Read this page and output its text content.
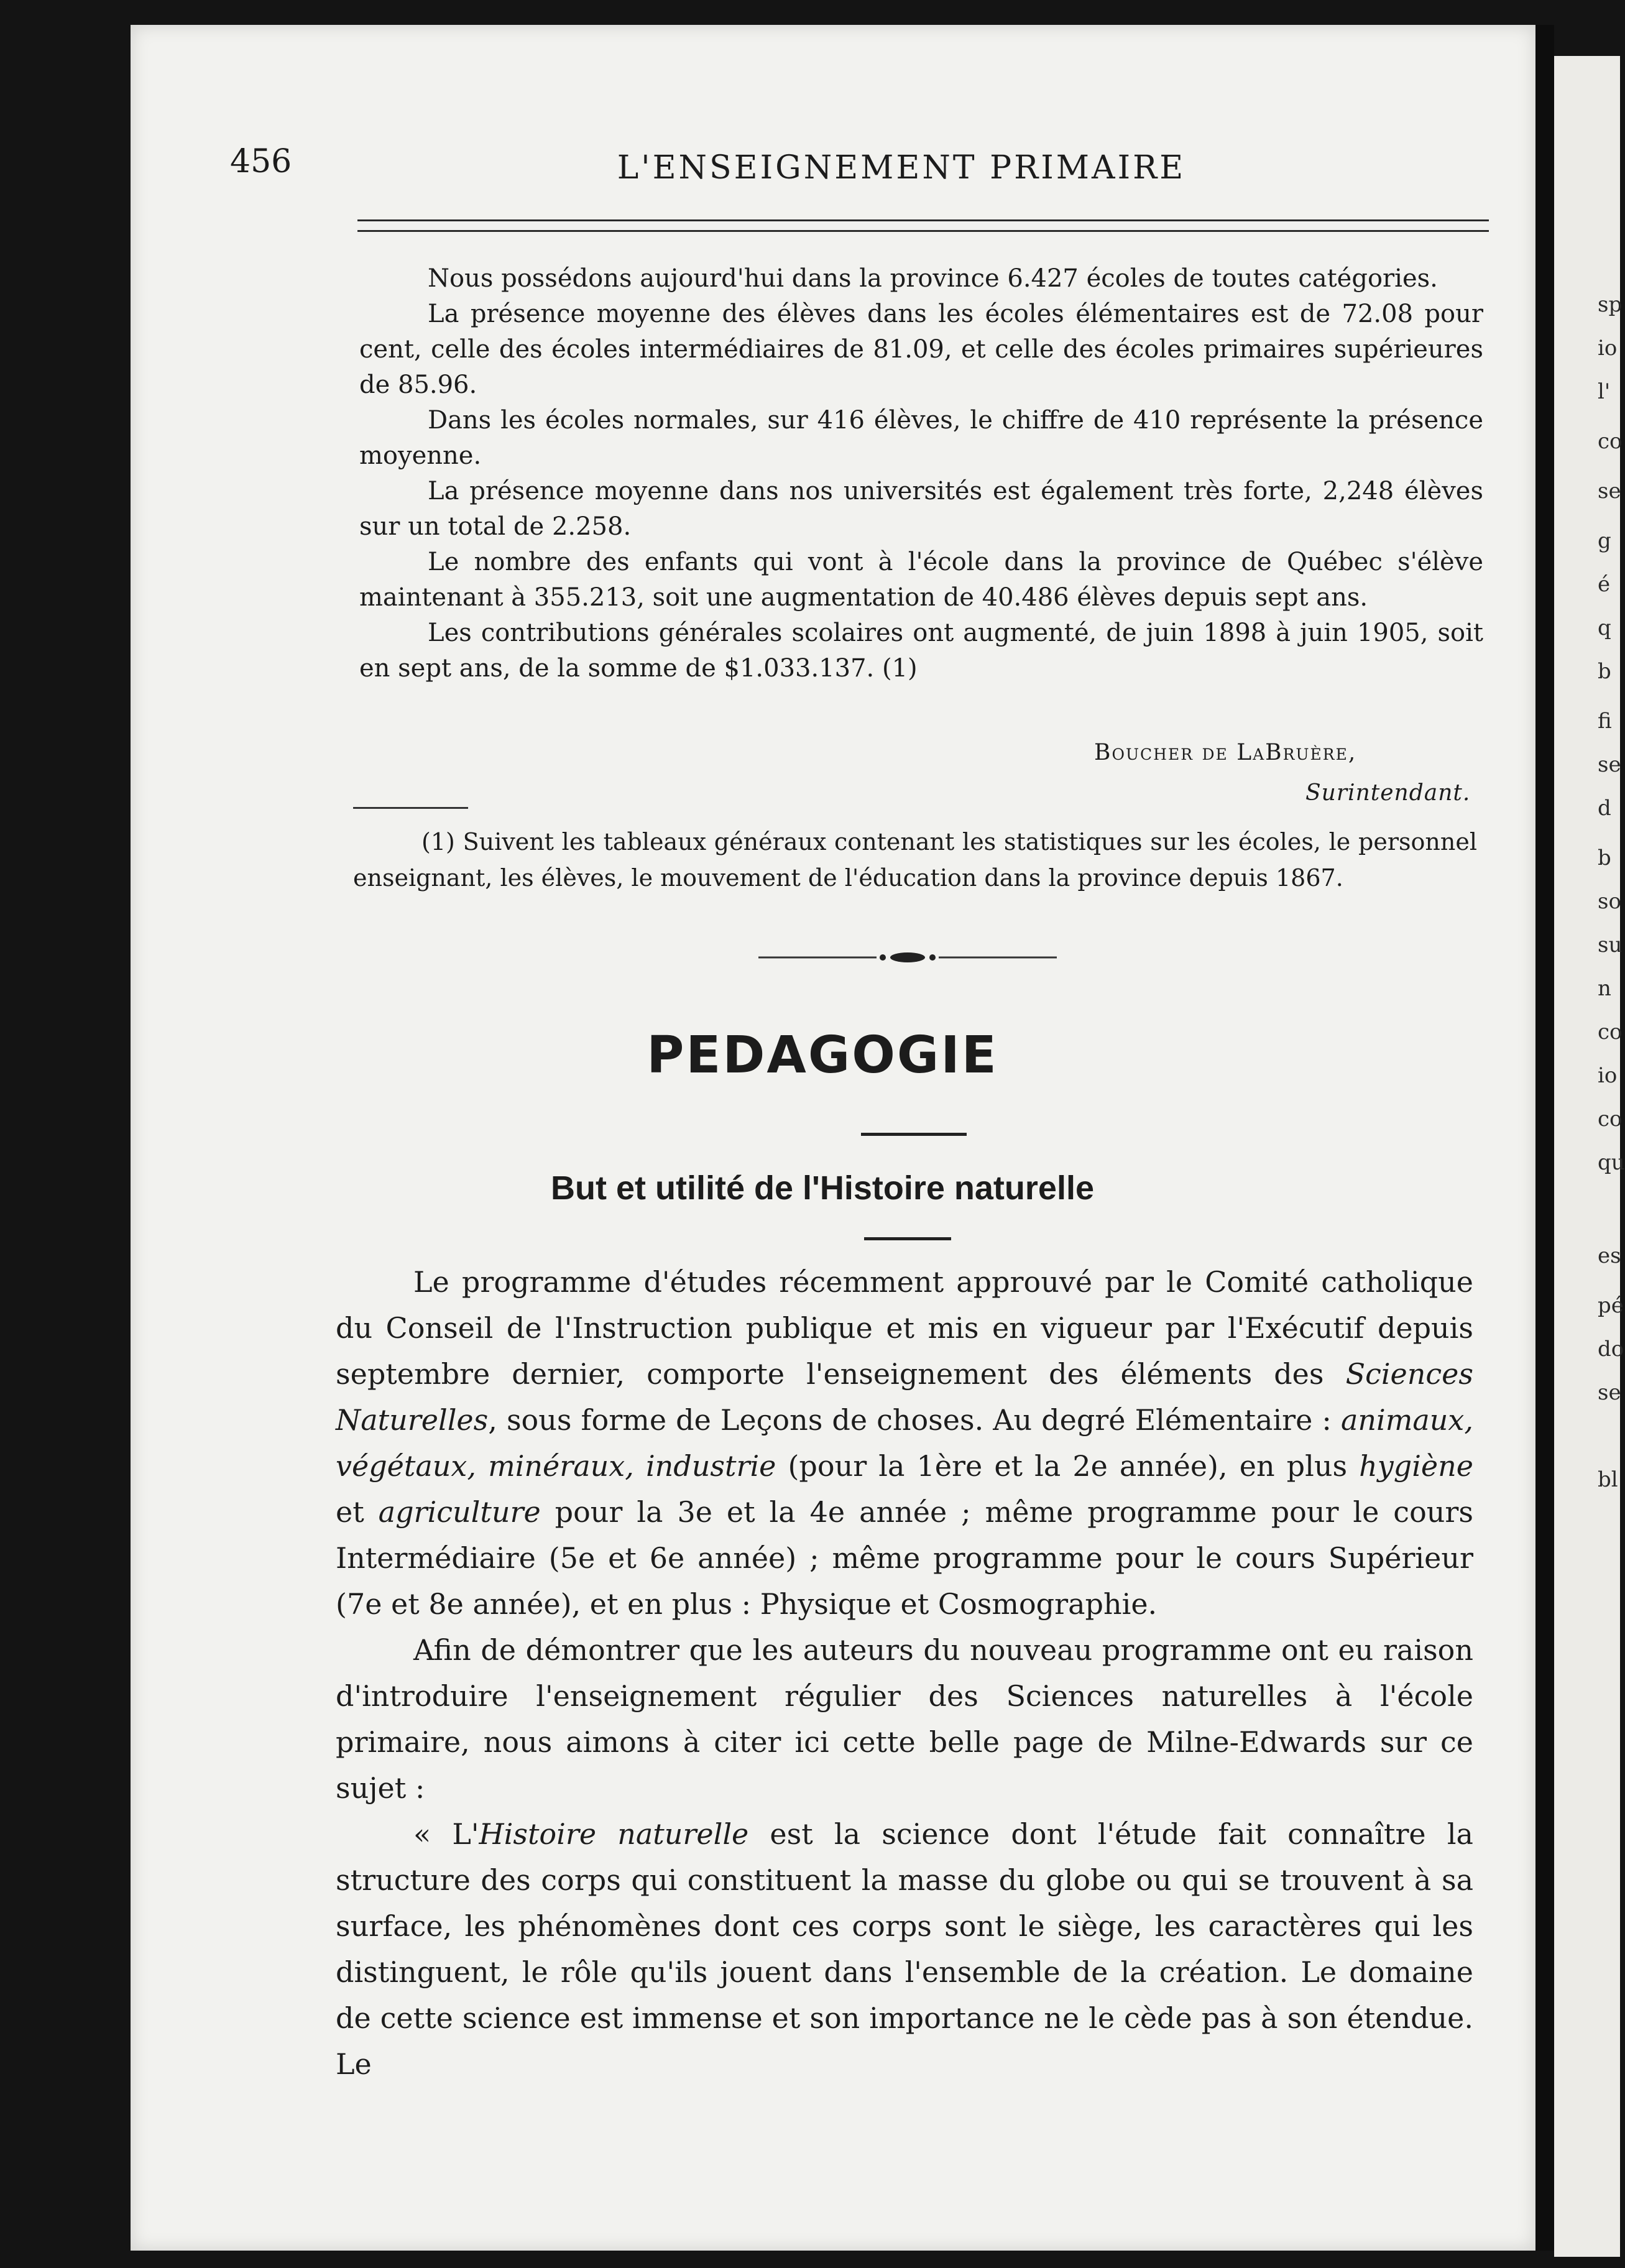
sp
io
l'
co
se
g
é
q
b
fi
se
d
b
so
su
n
co
io
co
qu
es
pé
do
se
bl
456	L'ENSEIGNEMENT PRIMAIRE

Nous possédons aujourd'hui dans la province 6.427 écoles de toutes catégories.

La présence moyenne des élèves dans les écoles élémentaires est de 72.08 pour cent, celle des écoles intermédiaires de 81.09, et celle des écoles primaires supérieures de 85.96.

Dans les écoles normales, sur 416 élèves, le chiffre de 410 représente la présence moyenne.

La présence moyenne dans nos universités est également très forte, 2,248 élèves sur un total de 2.258.

Le nombre des enfants qui vont à l'école dans la province de Québec s'élève maintenant à 355.213, soit une augmentation de 40.486 élèves depuis sept ans.

Les contributions générales scolaires ont augmenté, de juin 1898 à juin 1905, soit en sept ans, de la somme de $1.033.137. (1)

Boucher de LaBruère,
Surintendant.

(1) Suivent les tableaux généraux contenant les statistiques sur les écoles, le personnel enseignant, les élèves, le mouvement de l'éducation dans la province depuis 1867.

PEDAGOGIE
But et utilité de l'Histoire naturelle

Le programme d'études récemment approuvé par le Comité catholique du Conseil de l'Instruction publique et mis en vigueur par l'Exécutif depuis septembre dernier, comporte l'enseignement des éléments des Sciences Naturelles, sous forme de Leçons de choses. Au degré Elémentaire : animaux, végétaux, minéraux, industrie (pour la 1ère et la 2e année), en plus hygiène et agriculture pour la 3e et la 4e année ; même programme pour le cours Intermédiaire (5e et 6e année) ; même programme pour le cours Supérieur (7e et 8e année), et en plus : Physique et Cosmographie.

Afin de démontrer que les auteurs du nouveau programme ont eu raison d'introduire l'enseignement régulier des Sciences naturelles à l'école primaire, nous aimons à citer ici cette belle page de Milne-Edwards sur ce sujet :

« L'Histoire naturelle est la science dont l'étude fait connaître la structure des corps qui constituent la masse du globe ou qui se trouvent à sa surface, les phénomènes dont ces corps sont le siège, les caractères qui les distinguent, le rôle qu'ils jouent dans l'ensemble de la création. Le domaine de cette science est immense et son importance ne le cède pas à son étendue. Le
